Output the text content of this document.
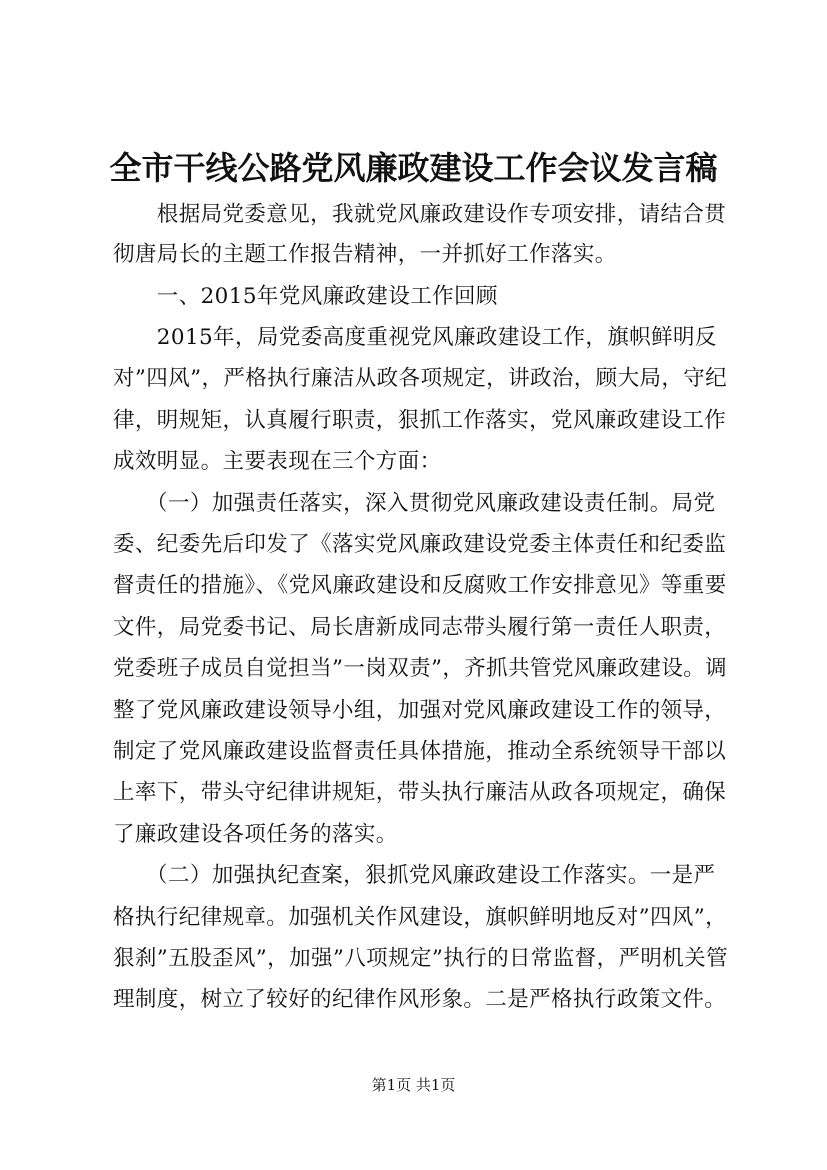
全市干线公路党风廉政建设工作会议发言稿
　　根据局党委意见，我就党风廉政建设作专项安排，请结合贯
彻唐局长的主题工作报告精神，一并抓好工作落实。
　　一、2015年党风廉政建设工作回顾
　　2015年，局党委高度重视党风廉政建设工作，旗帜鲜明反
对”四风”，严格执行廉洁从政各项规定，讲政治，顾大局，守纪
律，明规矩，认真履行职责，狠抓工作落实，党风廉政建设工作
成效明显。主要表现在三个方面：
　　（一）加强责任落实，深入贯彻党风廉政建设责任制。局党
委、纪委先后印发了《落实党风廉政建设党委主体责任和纪委监
督责任的措施》、《党风廉政建设和反腐败工作安排意见》等重要
文件，局党委书记、局长唐新成同志带头履行第一责任人职责，
党委班子成员自觉担当”一岗双责”，齐抓共管党风廉政建设。调
整了党风廉政建设领导小组，加强对党风廉政建设工作的领导，
制定了党风廉政建设监督责任具体措施，推动全系统领导干部以
上率下，带头守纪律讲规矩，带头执行廉洁从政各项规定，确保
了廉政建设各项任务的落实。
　　（二）加强执纪查案，狠抓党风廉政建设工作落实。一是严
格执行纪律规章。加强机关作风建设，旗帜鲜明地反对”四风”，
狠刹”五股歪风”，加强”八项规定”执行的日常监督，严明机关管
理制度，树立了较好的纪律作风形象。二是严格执行政策文件。
第1页 共1页
